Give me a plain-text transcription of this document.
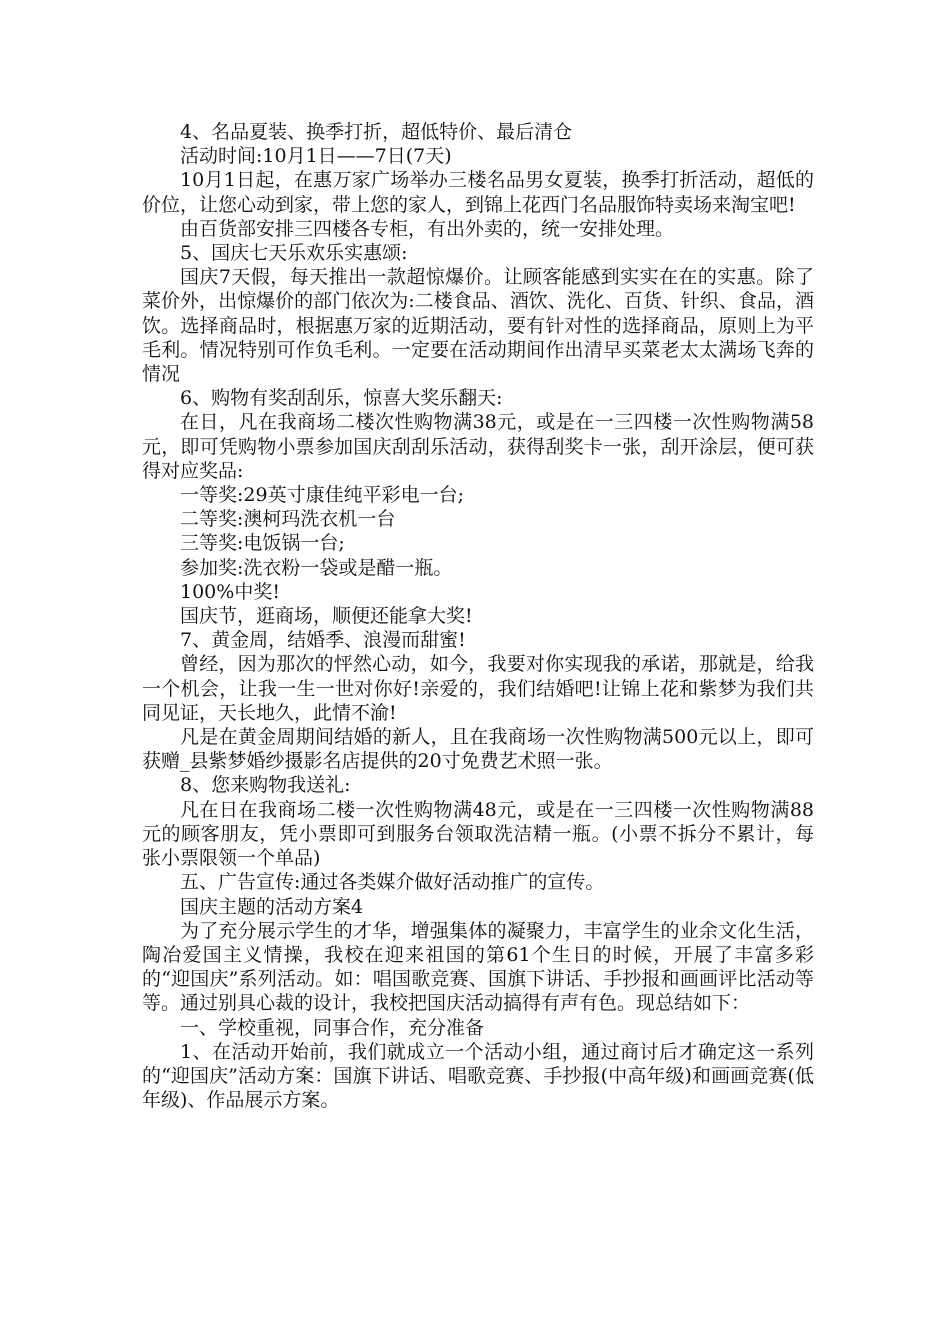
4、名品夏装、换季打折，超低特价、最后清仓

活动时间:10月1日——7日(7天)

10月1日起，在惠万家广场举办三楼名品男女夏装，换季打折活动，超低的价位，让您心动到家，带上您的家人，到锦上花西门名品服饰特卖场来淘宝吧!

由百货部安排三四楼各专柜，有出外卖的，统一安排处理。

5、国庆七天乐欢乐实惠颂:

国庆7天假，每天推出一款超惊爆价。让顾客能感到实实在在的实惠。除了菜价外，出惊爆价的部门依次为:二楼食品、酒饮、洗化、百货、针织、食品，酒饮。选择商品时，根据惠万家的近期活动，要有针对性的选择商品，原则上为平毛利。情况特别可作负毛利。一定要在活动期间作出清早买菜老太太满场飞奔的情况

6、购物有奖刮刮乐，惊喜大奖乐翻天:

在日，凡在我商场二楼次性购物满38元，或是在一三四楼一次性购物满58元，即可凭购物小票参加国庆刮刮乐活动，获得刮奖卡一张，刮开涂层，便可获得对应奖品:

一等奖:29英寸康佳纯平彩电一台;

二等奖:澳柯玛洗衣机一台

三等奖:电饭锅一台;

参加奖:洗衣粉一袋或是醋一瓶。

100%中奖!

国庆节，逛商场，顺便还能拿大奖!

7、黄金周，结婚季、浪漫而甜蜜!

曾经，因为那次的怦然心动，如今，我要对你实现我的承诺，那就是，给我一个机会，让我一生一世对你好!亲爱的，我们结婚吧!让锦上花和紫梦为我们共同见证，天长地久，此情不渝!

凡是在黄金周期间结婚的新人，且在我商场一次性购物满500元以上，即可获赠_县紫梦婚纱摄影名店提供的20寸免费艺术照一张。

8、您来购物我送礼:

凡在日在我商场二楼一次性购物满48元，或是在一三四楼一次性购物满88元的顾客朋友，凭小票即可到服务台领取洗洁精一瓶。(小票不拆分不累计，每张小票限领一个单品)

五、广告宣传:通过各类媒介做好活动推广的宣传。

国庆主题的活动方案4

为了充分展示学生的才华，增强集体的凝聚力，丰富学生的业余文化生活，陶冶爱国主义情操，我校在迎来祖国的第61个生日的时候，开展了丰富多彩的“迎国庆”系列活动。如：唱国歌竞赛、国旗下讲话、手抄报和画画评比活动等等。通过别具心裁的设计，我校把国庆活动搞得有声有色。现总结如下：

一、学校重视，同事合作，充分准备

1、在活动开始前，我们就成立一个活动小组，通过商讨后才确定这一系列的“迎国庆”活动方案：国旗下讲话、唱歌竞赛、手抄报(中高年级)和画画竞赛(低年级)、作品展示方案。
